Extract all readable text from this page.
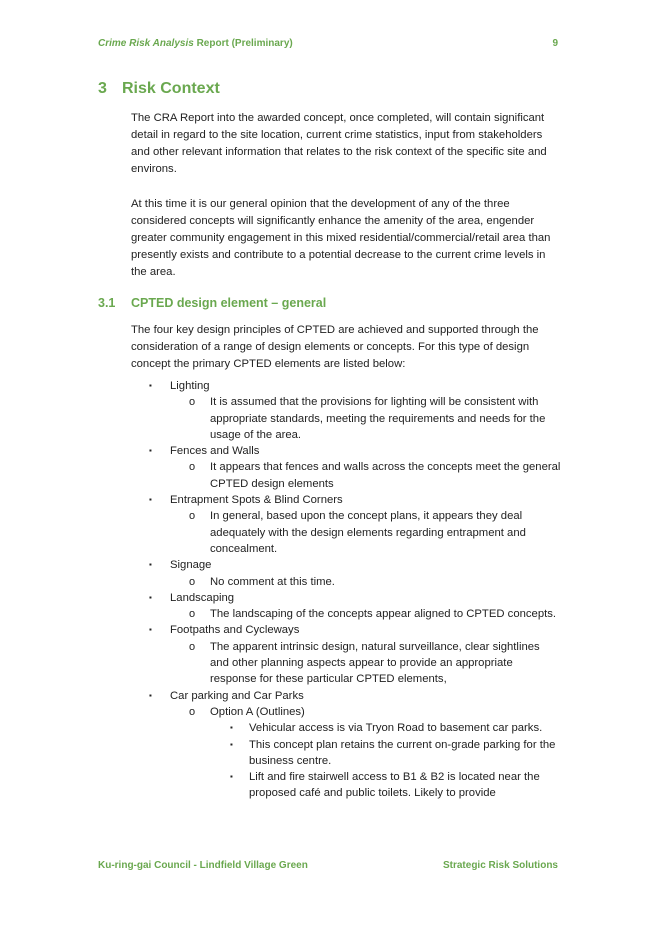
Crime Risk Analysis Report (Preliminary)	9
3 Risk Context

The CRA Report into the awarded concept, once completed, will contain significant detail in regard to the site location, current crime statistics, input from stakeholders and other relevant information that relates to the risk context of the specific site and environs.

At this time it is our general opinion that the development of any of the three considered concepts will significantly enhance the amenity of the area, engender greater community engagement in this mixed residential/commercial/retail area than presently exists and contribute to a potential decrease to the current crime levels in the area.

3.1 CPTED design element – general

The four key design principles of CPTED are achieved and supported through the consideration of a range of design elements or concepts. For this type of design concept the primary CPTED elements are listed below:

▪ Lighting
o It is assumed that the provisions for lighting will be consistent with appropriate standards, meeting the requirements and needs for the usage of the area.
▪ Fences and Walls
o It appears that fences and walls across the concepts meet the general CPTED design elements
▪ Entrapment Spots & Blind Corners
o In general, based upon the concept plans, it appears they deal adequately with the design elements regarding entrapment and concealment.
▪ Signage
o No comment at this time.
▪ Landscaping
o The landscaping of the concepts appear aligned to CPTED concepts.
▪ Footpaths and Cycleways
o The apparent intrinsic design, natural surveillance, clear sightlines and other planning aspects appear to provide an appropriate response for these particular CPTED elements,
▪ Car parking and Car Parks
o Option A (Outlines)
▪ Vehicular access is via Tryon Road to basement car parks.
▪ This concept plan retains the current on-grade parking for the business centre.
▪ Lift and fire stairwell access to B1 & B2 is located near the proposed café and public toilets. Likely to provide
Ku-ring-gai Council - Lindfield Village Green	Strategic Risk Solutions
